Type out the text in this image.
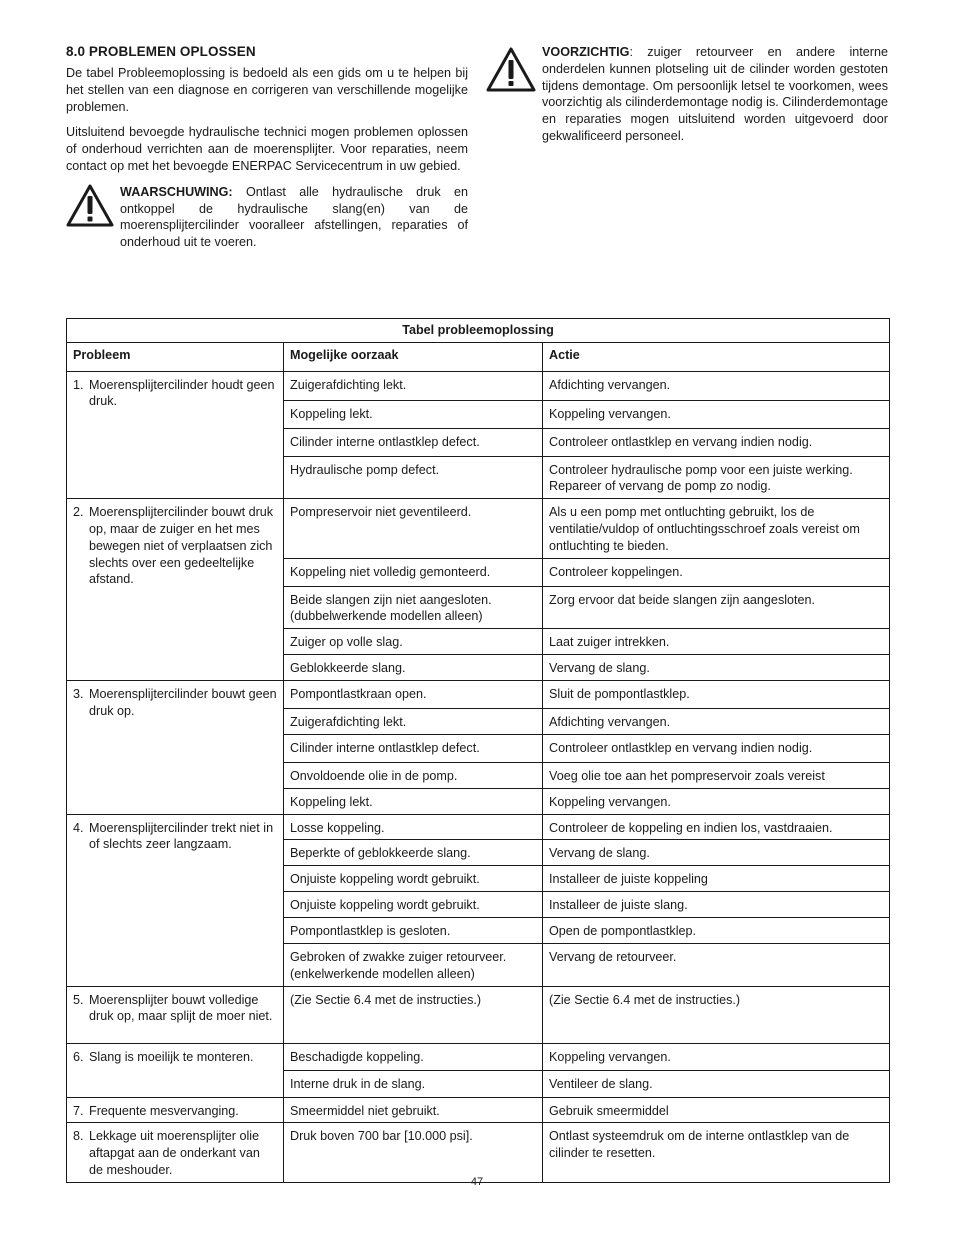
8.0 PROBLEMEN OPLOSSEN

De tabel Probleemoplossing is bedoeld als een gids om u te helpen bij het stellen van een diagnose en corrigeren van verschillende mogelijke problemen.

Uitsluitend bevoegde hydraulische technici mogen problemen oplossen of onderhoud verrichten aan de moerensplijter. Voor reparaties, neem contact op met het bevoegde ENERPAC Servicecentrum in uw gebied.

WAARSCHUWING: Ontlast alle hydraulische druk en ontkoppel de hydraulische slang(en) van de moerensplijtercilinder vooralleer afstellingen, reparaties of onderhoud uit te voeren.
VOORZICHTIG: zuiger retourveer en andere interne onderdelen kunnen plotseling uit de cilinder worden gestoten tijdens demontage. Om persoonlijk letsel te voorkomen, wees voorzichtig als cilinderdemontage nodig is. Cilinderdemontage en reparaties mogen uitsluitend worden uitgevoerd door gekwalificeerd personeel.
Tabel probleemoplossing		
Probleem	Mogelijke oorzaak	Actie

1. Moerensplijtercilinder houdt geen druk.	Zuigerafdichting lekt.	Afdichting vervangen.
	Koppeling lekt.	Koppeling vervangen.
	Cilinder interne ontlastklep defect.	Controleer ontlastklep en vervang indien nodig.
	Hydraulische pomp defect.	Controleer hydraulische pomp voor een juiste werking. Repareer of vervang de pomp zo nodig.

2. Moerensplijtercilinder bouwt druk op, maar de zuiger en het mes bewegen niet of verplaatsen zich slechts over een gedeeltelijke afstand.	Pompreservoir niet geventileerd.	Als u een pomp met ontluchting gebruikt, los de ventilatie/vuldop of ontluchtingsschroef zoals vereist om ontluchting te bieden.
	Koppeling niet volledig gemonteerd.	Controleer koppelingen.
	Beide slangen zijn niet aangesloten. (dubbelwerkende modellen alleen)	Zorg ervoor dat beide slangen zijn aangesloten.
	Zuiger op volle slag.	Laat zuiger intrekken.
	Geblokkeerde slang.	Vervang de slang.

3. Moerensplijtercilinder bouwt geen druk op.	Pompontlastkraan open.	Sluit de pompontlastklep.
	Zuigerafdichting lekt.	Afdichting vervangen.
	Cilinder interne ontlastklep defect.	Controleer ontlastklep en vervang indien nodig.
	Onvoldoende olie in de pomp.	Voeg olie toe aan het pompreservoir zoals vereist
	Koppeling lekt.	Koppeling vervangen.

4. Moerensplijtercilinder trekt niet in of slechts zeer langzaam.	Losse koppeling.	Controleer de koppeling en indien los, vastdraaien.
	Beperkte of geblokkeerde slang.	Vervang de slang.
	Onjuiste koppeling wordt gebruikt.	Installeer de juiste koppeling
	Onjuiste koppeling wordt gebruikt.	Installeer de juiste slang.
	Pompontlastklep is gesloten.	Open de pompontlastklep.
	Gebroken of zwakke zuiger retourveer. (enkelwerkende modellen alleen)	Vervang de retourveer.

5. Moerensplijter bouwt volledige druk op, maar splijt de moer niet.	(Zie Sectie 6.4 met de instructies.)	(Zie Sectie 6.4 met de instructies.)

6. Slang is moeilijk te monteren.	Beschadigde koppeling.	Koppeling vervangen.
	Interne druk in de slang.	Ventileer de slang.

7. Frequente mesvervanging.	Smeermiddel niet gebruikt.	Gebruik smeermiddel

8. Lekkage uit moerensplijter olie aftapgat aan de onderkant van de meshouder.	Druk boven 700 bar [10.000 psi].	Ontlast systeemdruk om de interne ontlastklep van de cilinder te resetten.
47
